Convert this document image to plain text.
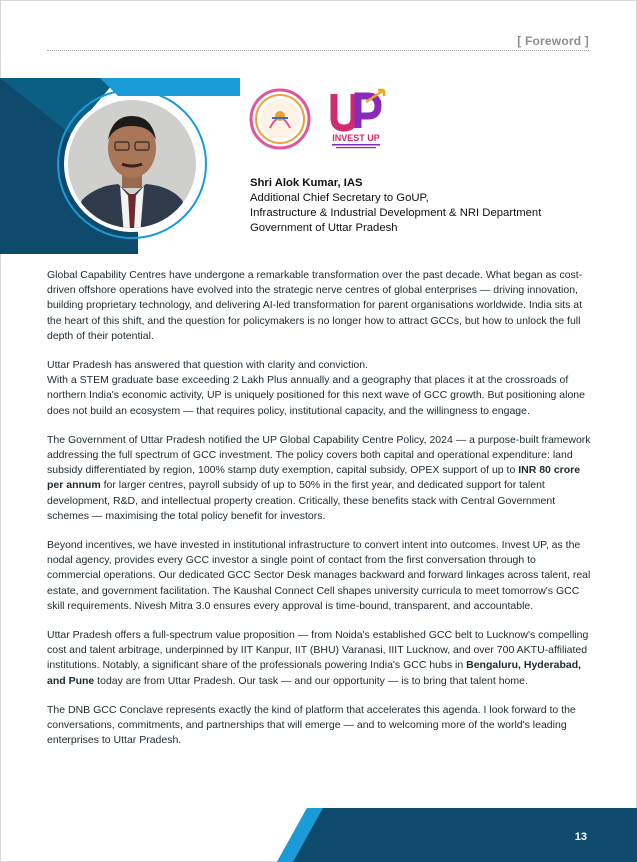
[ Foreword ]
INVEST UP
Shri Alok Kumar, IAS
Additional Chief Secretary to GoUP,
Infrastructure & Industrial Development & NRI Department
Government of Uttar Pradesh

Global Capability Centres have undergone a remarkable transformation over the past decade. What began as cost-driven offshore operations have evolved into the strategic nerve centres of global enterprises — driving innovation, building proprietary technology, and delivering AI-led transformation for parent organisations worldwide. India sits at the heart of this shift, and the question for policymakers is no longer how to attract GCCs, but how to unlock the full depth of their potential.

Uttar Pradesh has answered that question with clarity and conviction.
With a STEM graduate base exceeding 2 Lakh Plus annually and a geography that places it at the crossroads of northern India's economic activity, UP is uniquely positioned for this next wave of GCC growth. But positioning alone does not build an ecosystem — that requires policy, institutional capacity, and the willingness to engage.

The Government of Uttar Pradesh notified the UP Global Capability Centre Policy, 2024 — a purpose-built framework addressing the full spectrum of GCC investment. The policy covers both capital and operational expenditure: land subsidy differentiated by region, 100% stamp duty exemption, capital subsidy, OPEX support of up to INR 80 crore per annum for larger centres, payroll subsidy of up to 50% in the first year, and dedicated support for talent development, R&D, and intellectual property creation. Critically, these benefits stack with Central Government schemes — maximising the total policy benefit for investors.

Beyond incentives, we have invested in institutional infrastructure to convert intent into outcomes. Invest UP, as the nodal agency, provides every GCC investor a single point of contact from the first conversation through to commercial operations. Our dedicated GCC Sector Desk manages backward and forward linkages across talent, real estate, and government facilitation. The Kaushal Connect Cell shapes university curricula to meet tomorrow's GCC skill requirements. Nivesh Mitra 3.0 ensures every approval is time-bound, transparent, and accountable.

Uttar Pradesh offers a full-spectrum value proposition — from Noida's established GCC belt to Lucknow's compelling cost and talent arbitrage, underpinned by IIT Kanpur, IIT (BHU) Varanasi, IIIT Lucknow, and over 700 AKTU-affiliated institutions. Notably, a significant share of the professionals powering India's GCC hubs in Bengaluru, Hyderabad, and Pune today are from Uttar Pradesh. Our task — and our opportunity — is to bring that talent home.

The DNB GCC Conclave represents exactly the kind of platform that accelerates this agenda. I look forward to the conversations, commitments, and partnerships that will emerge — and to welcoming more of the world's leading enterprises to Uttar Pradesh.

13
